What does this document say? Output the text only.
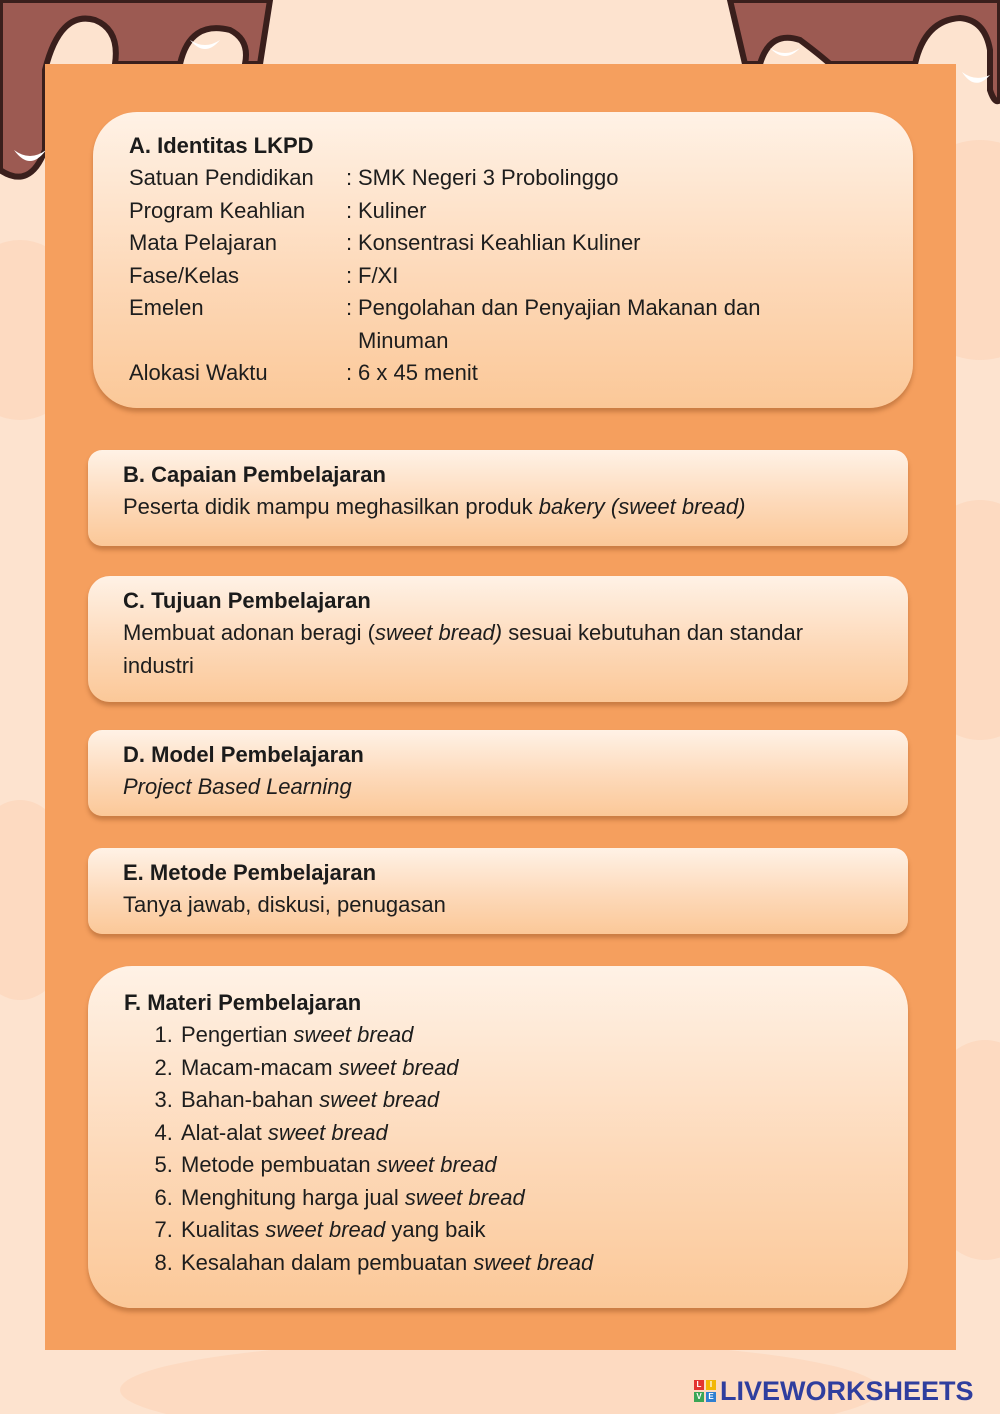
A. Identitas LKPD
Satuan Pendidikan	: SMK Negeri 3 Probolinggo
Program Keahlian	: Kuliner
Mata Pelajaran	: Konsentrasi Keahlian Kuliner
Fase/Kelas	: F/XI
Emelen	: Pengolahan dan Penyajian Makanan dan Minuman
Alokasi Waktu	: 6 x 45 menit
B. Capaian Pembelajaran

Peserta didik mampu meghasilkan produk bakery (sweet bread)

C. Tujuan Pembelajaran

Membuat adonan beragi (sweet bread) sesuai kebutuhan dan standar industri

D. Model Pembelajaran

Project Based Learning

E. Metode Pembelajaran

Tanya jawab, diskusi, penugasan

F. Materi Pembelajaran
1. Pengertian sweet bread
2. Macam-macam sweet bread
3. Bahan-bahan sweet bread
4. Alat-alat sweet bread
5. Metode pembuatan sweet bread
6. Menghitung harga jual sweet bread
7. Kualitas sweet bread yang baik
8. Kesalahan dalam pembuatan sweet bread
L	I
V E LIVEWORKSHEETS
